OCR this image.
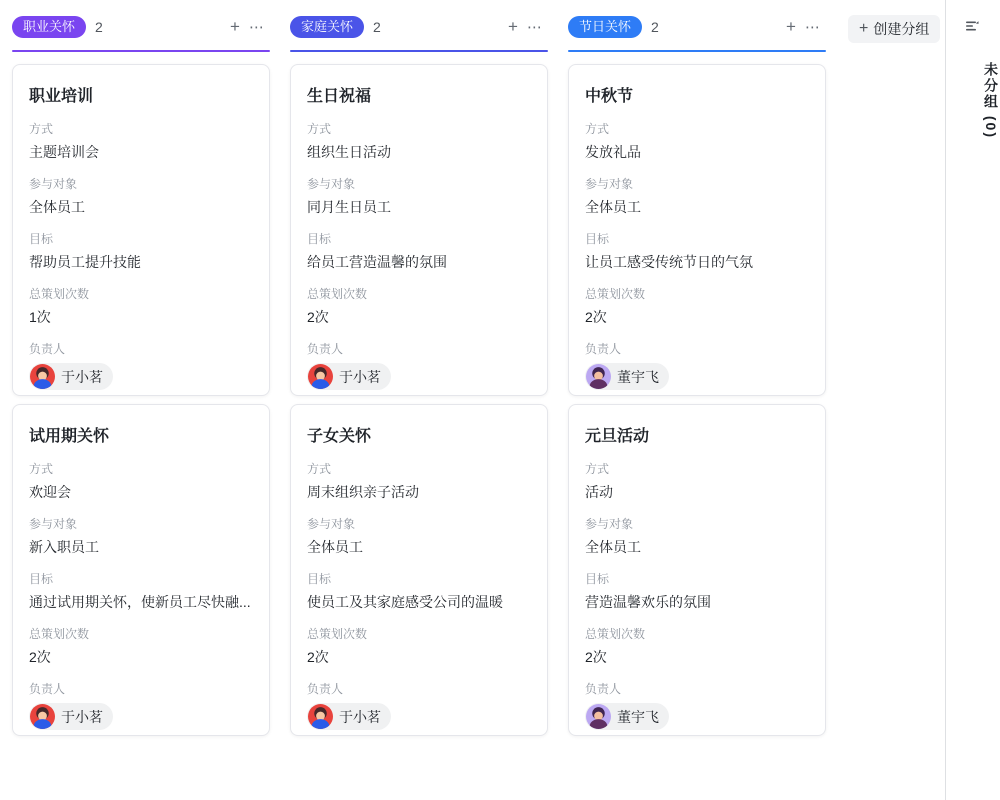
职业关怀	2	+ ⋯
职业培训
方式
主题培训会
参与对象
全体员工
目标
帮助员工提升技能
总策划次数
1次
负责人
于小茗
试用期关怀
方式
欢迎会
参与对象
新入职员工
目标
通过试用期关怀，使新员工尽快融...
总策划次数
2次
负责人
于小茗
家庭关怀	2	+ ⋯
生日祝福
方式
组织生日活动
参与对象
同月生日员工
目标
给员工营造温馨的氛围
总策划次数
2次
负责人
于小茗
子女关怀
方式
周末组织亲子活动
参与对象
全体员工
目标
使员工及其家庭感受公司的温暖
总策划次数
2次
负责人
于小茗
节日关怀	2	+ ⋯
中秋节
方式
发放礼品
参与对象
全体员工
目标
让员工感受传统节日的气氛
总策划次数
2次
负责人
董宇飞
元旦活动
方式
活动
参与对象
全体员工
目标
营造温馨欢乐的氛围
总策划次数
2次
负责人
董宇飞
+ 创建分组
未分组 (0)
